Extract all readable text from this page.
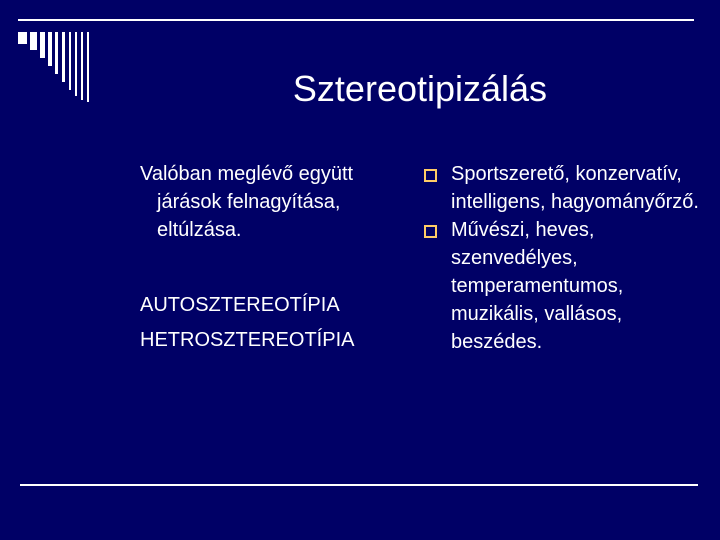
Sztereotipizálás

Valóban meglévő együtt járások felnagyítása, eltúlzása.

AUTOSZTEREOTÍPIA
HETROSZTEREOTÍPIA
Sportszerető, konzervatív, intelligens, hagyományőrző.
Művészi, heves, szenvedélyes, temperamentumos, muzikális, vallásos, beszédes.
